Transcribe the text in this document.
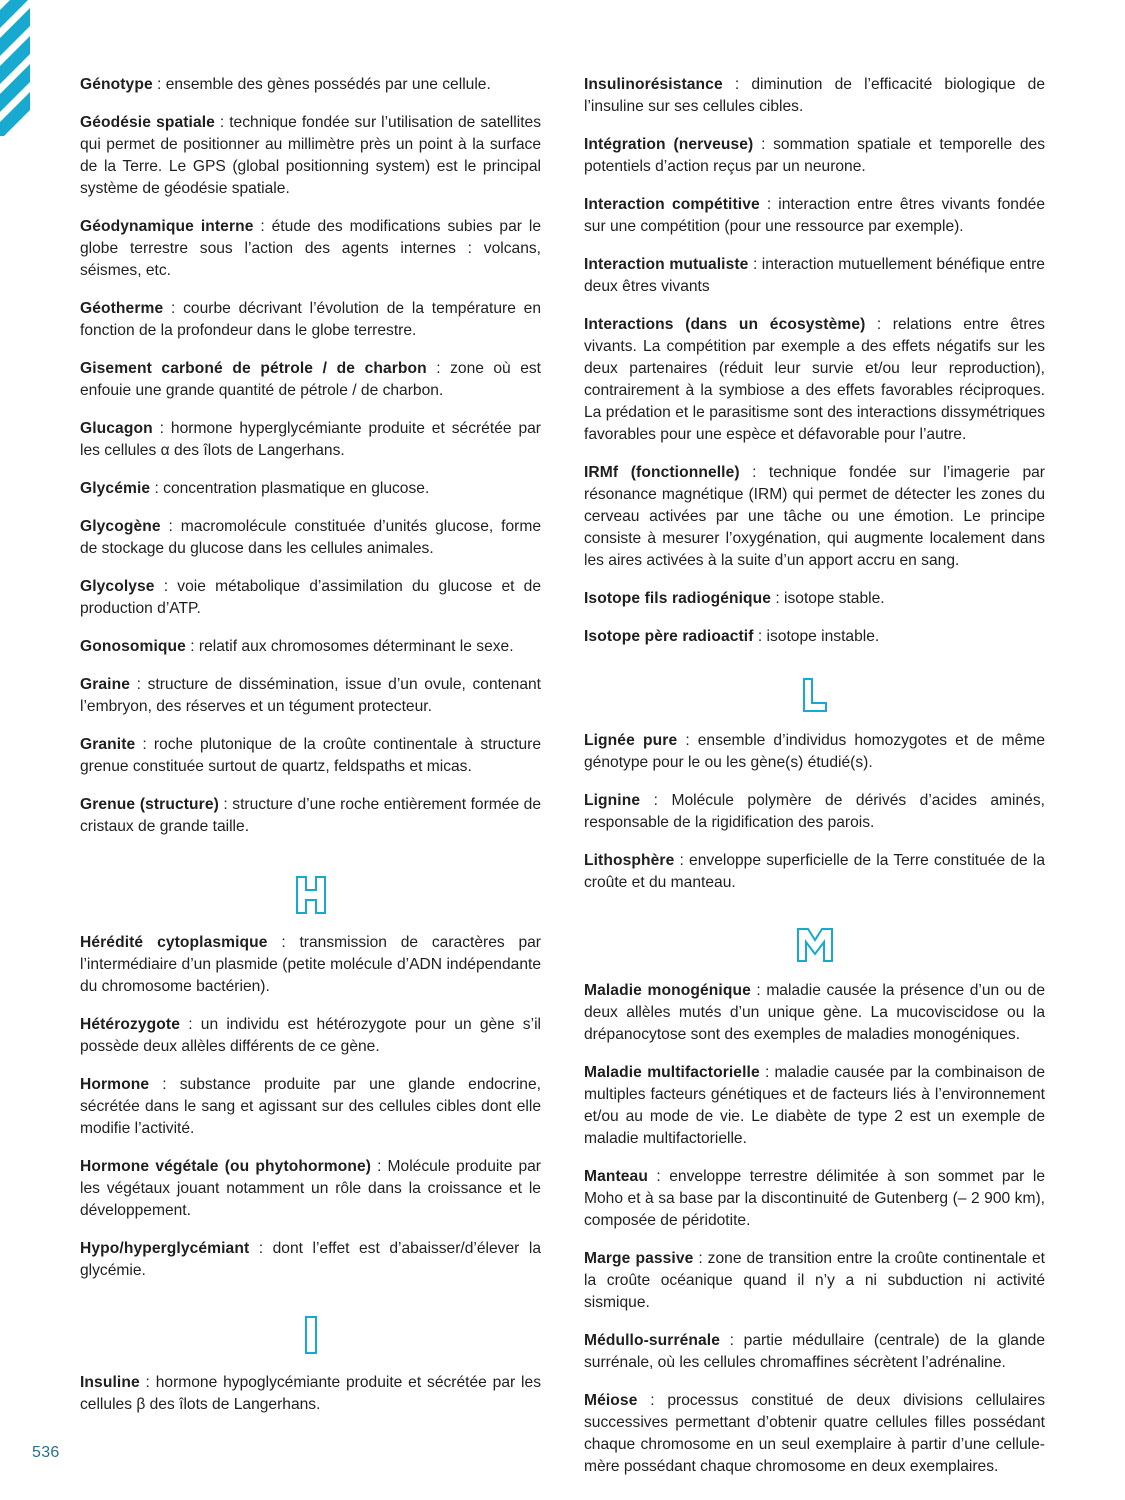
Génotype : ensemble des gènes possédés par une cellule.

Géodésie spatiale : technique fondée sur l’utilisation de satellites qui permet de positionner au millimètre près un point à la surface de la Terre. Le GPS (global positionning system) est le principal système de géodésie spatiale.

Géodynamique interne : étude des modifications subies par le globe terrestre sous l’action des agents internes : volcans, séismes, etc.

Géotherme : courbe décrivant l’évolution de la température en fonction de la profondeur dans le globe terrestre.

Gisement carboné de pétrole / de charbon : zone où est enfouie une grande quantité de pétrole / de charbon.

Glucagon : hormone hyperglycémiante produite et sécrétée par les cellules α des îlots de Langerhans.

Glycémie : concentration plasmatique en glucose.

Glycogène : macromolécule constituée d’unités glucose, forme de stockage du glucose dans les cellules animales.

Glycolyse : voie métabolique d’assimilation du glucose et de production d’ATP.

Gonosomique : relatif aux chromosomes déterminant le sexe.

Graine : structure de dissémination, issue d’un ovule, contenant l’embryon, des réserves et un tégument protecteur.

Granite : roche plutonique de la croûte continentale à structure grenue constituée surtout de quartz, feldspaths et micas.

Grenue (structure) : structure d’une roche entièrement formée de cristaux de grande taille.

Hérédité cytoplasmique : transmission de caractères par l’intermédiaire d’un plasmide (petite molécule d’ADN indépendante du chromosome bactérien).

Hétérozygote : un individu est hétérozygote pour un gène s’il possède deux allèles différents de ce gène.

Hormone : substance produite par une glande endocrine, sécrétée dans le sang et agissant sur des cellules cibles dont elle modifie l’activité.

Hormone végétale (ou phytohormone) : Molécule produite par les végétaux jouant notamment un rôle dans la croissance et le développement.

Hypo/hyperglycémiant : dont l’effet est d’abaisser/d’élever la glycémie.

Insuline : hormone hypoglycémiante produite et sécrétée par les cellules β des îlots de Langerhans.

Insulinorésistance : diminution de l’efficacité biologique de l’insuline sur ses cellules cibles.

Intégration (nerveuse) : sommation spatiale et temporelle des potentiels d’action reçus par un neurone.

Interaction compétitive : interaction entre êtres vivants fondée sur une compétition (pour une ressource par exemple).

Interaction mutualiste : interaction mutuellement bénéfique entre deux êtres vivants

Interactions (dans un écosystème) : relations entre êtres vivants. La compétition par exemple a des effets négatifs sur les deux partenaires (réduit leur survie et/ou leur reproduction), contrairement à la symbiose a des effets favorables réciproques. La prédation et le parasitisme sont des interactions dissymétriques favorables pour une espèce et défavorable pour l’autre.

IRMf (fonctionnelle) : technique fondée sur l’imagerie par résonance magnétique (IRM) qui permet de détecter les zones du cerveau activées par une tâche ou une émotion. Le principe consiste à mesurer l’oxygénation, qui augmente localement dans les aires activées à la suite d’un apport accru en sang.

Isotope fils radiogénique : isotope stable.

Isotope père radioactif : isotope instable.

Lignée pure : ensemble d’individus homozygotes et de même génotype pour le ou les gène(s) étudié(s).

Lignine : Molécule polymère de dérivés d’acides aminés, responsable de la rigidification des parois.

Lithosphère : enveloppe superficielle de la Terre constituée de la croûte et du manteau.

Maladie monogénique : maladie causée la présence d’un ou de deux allèles mutés d’un unique gène. La mucoviscidose ou la drépanocytose sont des exemples de maladies monogéniques.

Maladie multifactorielle : maladie causée par la combinaison de multiples facteurs génétiques et de facteurs liés à l’environnement et/ou au mode de vie. Le diabète de type 2 est un exemple de maladie multifactorielle.

Manteau : enveloppe terrestre délimitée à son sommet par le Moho et à sa base par la discontinuité de Gutenberg (– 2 900 km), composée de péridotite.

Marge passive : zone de transition entre la croûte continentale et la croûte océanique quand il n’y a ni subduction ni activité sismique.

Médullo-surrénale : partie médullaire (centrale) de la glande surrénale, où les cellules chromaffines sécrètent l’adrénaline.

Méiose : processus constitué de deux divisions cellulaires successives permettant d’obtenir quatre cellules filles possédant chaque chromosome en un seul exemplaire à partir d’une cellule-mère possédant chaque chromosome en deux exemplaires.

536
